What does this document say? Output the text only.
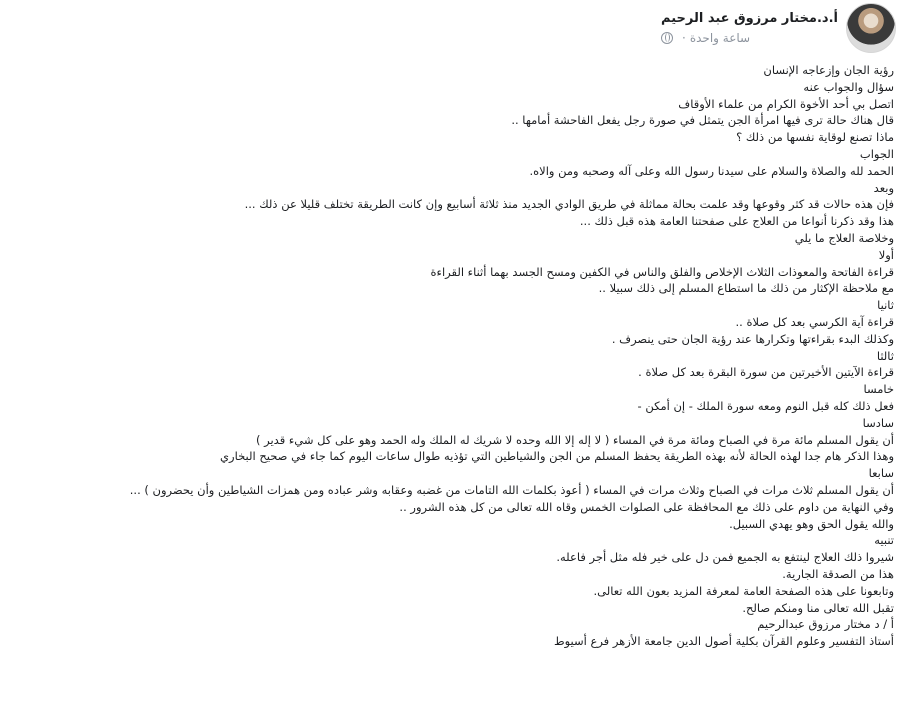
أ.د.مختار مرزوق عبد الرحيم
ساعة واحدة
·
رؤية الجان وإزعاجه الإنسان
سؤال والجواب عنه
اتصل بي أحد الأخوة الكرام من علماء الأوقاف
قال هناك حالة ترى فيها امرأة الجن يتمثل في صورة رجل يفعل الفاحشة أمامها ..
ماذا تصنع لوقاية نفسها من ذلك ؟
الجواب
الحمد لله والصلاة والسلام على سيدنا رسول الله وعلى آله وصحبه ومن والاه.
وبعد
فإن هذه حالات قد كثر وقوعها وقد علمت بحالة مماثلة في طريق الوادي الجديد منذ ثلاثة أسابيع وإن كانت الطريقة تختلف قليلا عن ذلك ...
هذا وقد ذكرنا أنواعا من العلاج على صفحتنا العامة هذه قبل ذلك ...
وخلاصة العلاج ما يلي
أولا
قراءة الفاتحة والمعوذات الثلاث الإخلاص والفلق والناس في الكفين ومسح الجسد بهما أثناء القراءة
مع ملاحظة الإكثار من ذلك ما استطاع المسلم إلى ذلك سبيلا ..
ثانيا
قراءة آية الكرسي بعد كل صلاة ..
وكذلك البدء بقراءتها وتكرارها عند رؤية الجان حتى ينصرف .
ثالثا
قراءة الآيتين الأخيرتين من سورة البقرة بعد كل صلاة .
خامسا
فعل ذلك كله قبل النوم ومعه سورة الملك - إن أمكن -
سادسا
أن يقول المسلم مائة مرة في الصباح ومائة مرة في المساء ( لا إله إلا الله وحده لا شريك له الملك وله الحمد وهو على كل شيء قدير )
وهذا الذكر هام جدا لهذه الحالة لأنه بهذه الطريقة يحفظ المسلم من الجن والشياطين التي تؤذيه طوال ساعات اليوم كما جاء في صحيح البخاري
سابعا
أن يقول المسلم ثلاث مرات في الصباح وثلاث مرات في المساء ( أعوذ بكلمات الله التامات من غضبه وعقابه وشر عباده ومن همزات الشياطين وأن يحضرون ) ...
وفي النهاية من داوم على ذلك مع المحافظة على الصلوات الخمس وقاه الله تعالى من كل هذه الشرور ..
والله يقول الحق وهو يهدي السبيل.
تنبيه
شيروا ذلك العلاج لينتفع به الجميع فمن دل على خير فله مثل أجر فاعله.
هذا من الصدقة الجارية.
وتابعونا على هذه الصفحة العامة لمعرفة المزيد بعون الله تعالى.
تقبل الله تعالى منا ومنكم صالح.
أ / د مختار مرزوق عبدالرحيم
أستاذ التفسير وعلوم القرآن بكلية أصول الدين جامعة الأزهر فرع أسيوط
